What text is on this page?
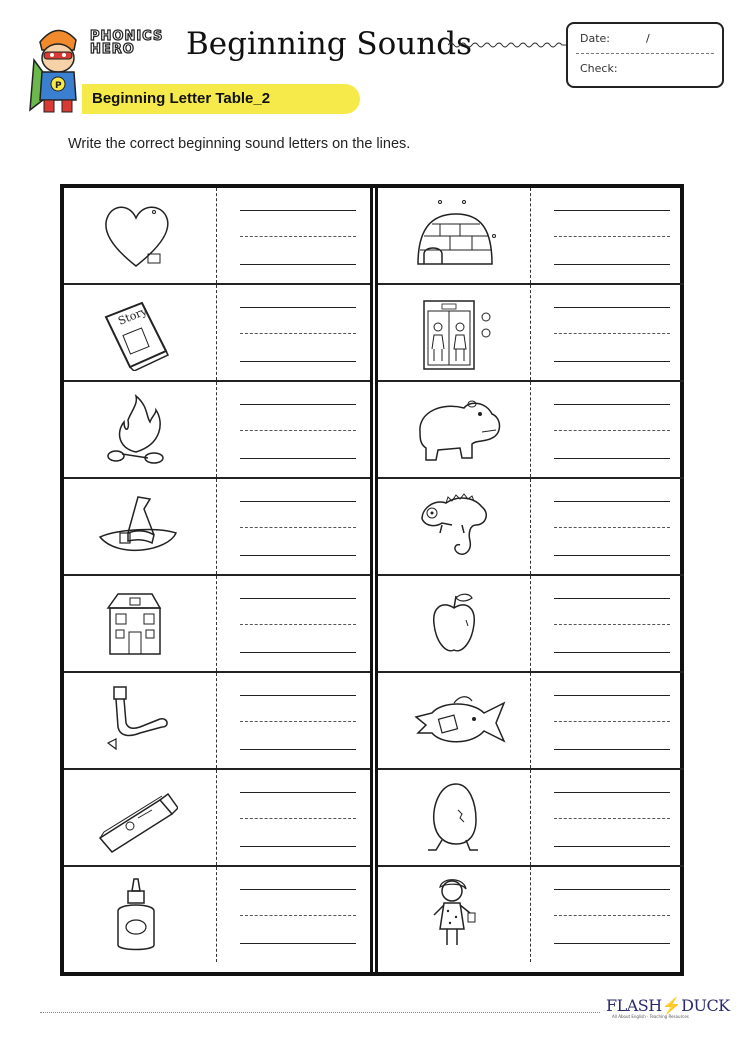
P
PHONICS
HERO	Beginning Sounds	Date:	/
Check:
Beginning Letter Table_2
Write the correct beginning sound letters on the lines.
Story
FLASH⚡DUCK
All About English · Teaching Resources
